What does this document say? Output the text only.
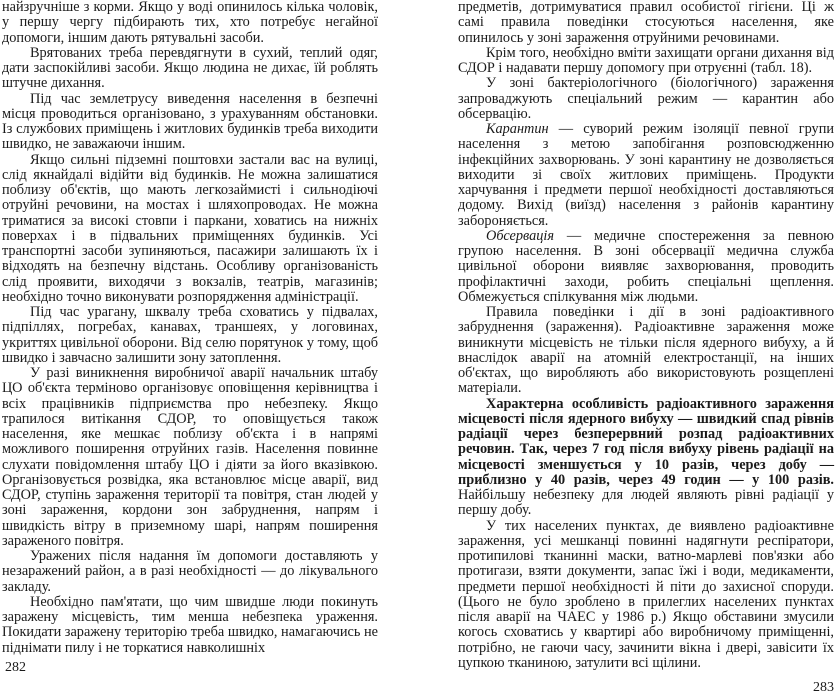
найзручніше з корми. Якщо у воді опинилось кілька чоловік, у першу чергу підбирають тих, хто потребує негайної допомоги, іншим дають рятувальні засоби.

Врятованих треба перевдягнути в сухий, теплий одяг, дати заспокійливі засоби. Якщо людина не дихає, їй роблять штучне дихання.

Під час землетрусу виведення населення в безпечні місця проводиться організовано, з урахуванням обстановки. Із службових приміщень і житлових будинків треба виходити швидко, не заважаючи іншим.

Якщо сильні підземні поштовхи застали вас на вулиці, слід якнайдалі відійти від будинків. Не можна залишатися поблизу об'єктів, що мають легкозаймисті і сильнодіючі отруйні речовини, на мостах і шляхопроводах. Не можна триматися за високі стовпи і паркани, ховатись на нижніх поверхах і в підвальних приміщеннях будинків. Усі транспортні засоби зупиняються, пасажири залишають їх і відходять на безпечну відстань. Особливу організованість слід проявити, виходячи з вокзалів, театрів, магазинів; необхідно точно виконувати розпорядження адміністрації.

Під час урагану, шквалу треба сховатись у підвалах, підпіллях, погребах, канавах, траншеях, у логовинах, укриттях цивільної оборони. Від селю порятунок у тому, щоб швидко і завчасно залишити зону затоплення.

У разі виникнення виробничої аварії начальник штабу ЦО об'єкта терміново організовує оповіщення керівництва і всіх працівників підприємства про небезпеку. Якщо трапилося витікання СДОР, то оповіщується також населення, яке мешкає поблизу об'єкта і в напрямі можливого поширення отруйних газів. Населення повинне слухати повідомлення штабу ЦО і діяти за його вказівкою. Організовується розвідка, яка встановлює місце аварії, вид СДОР, ступінь зараження території та повітря, стан людей у зоні зараження, кордони зон забруднення, напрям і швидкість вітру в приземному шарі, напрям поширення зараженого повітря.

Уражених після надання їм допомоги доставляють у незаражений район, а в разі необхідності — до лікувального закладу.

Необхідно пам'ятати, що чим швидше люди покинуть заражену місцевість, тим менша небезпека ураження. Покидати заражену територію треба швидко, намагаючись не піднімати пилу і не торкатися навколишніх

282

предметів, дотримуватися правил особистої гігієни. Ці ж самі правила поведінки стосуються населення, яке опинилось у зоні зараження отруйними речовинами.

Крім того, необхідно вміти захищати органи дихання від СДОР і надавати першу допомогу при отруєнні (табл. 18).

У зоні бактеріологічного (біологічного) зараження запроваджують спеціальний режим — карантин або обсервацію.

Карантин — суворий режим ізоляції певної групи населення з метою запобігання розповсюдженню інфекційних захворювань. У зоні карантину не дозволяється виходити зі своїх житлових приміщень. Продукти харчування і предмети першої необхідності доставляються додому. Вихід (виїзд) населення з районів карантину забороняється.

Обсервація — медичне спостереження за певною групою населення. В зоні обсервації медична служба цивільної оборони виявляє захворювання, проводить профілактичні заходи, робить спеціальні щеплення. Обмежується спілкування між людьми.

Правила поведінки і дії в зоні радіоактивного забруднення (зараження). Радіоактивне зараження може виникнути місцевість не тільки після ядерного вибуху, а й внаслідок аварії на атомній електростанції, на інших об'єктах, що виробляють або використовують розщеплені матеріали.

Характерна особливість радіоактивного зараження місцевості після ядерного вибуху — швидкий спад рівнів радіації через безперервний розпад радіоактивних речовин. Так, через 7 год після вибуху рівень радіації на місцевості зменшується у 10 разів, через добу — приблизно у 40 разів, через 49 годин — у 100 разів. Найбільшу небезпеку для людей являють рівні радіації у першу добу.

У тих населених пунктах, де виявлено радіоактивне зараження, усі мешканці повинні надягнути респіратори, протипилові тканинні маски, ватно-марлеві пов'язки або протигази, взяти документи, запас їжі і води, медикаменти, предмети першої необхідності й піти до захисної споруди. (Цього не було зроблено в прилеглих населених пунктах після аварії на ЧАЕС у 1986 р.) Якщо обставини змусили когось сховатись у квартирі або виробничому приміщенні, потрібно, не гаючи часу, зачинити вікна і двері, завісити їх цупкою тканиною, затулити всі щілини.

283
